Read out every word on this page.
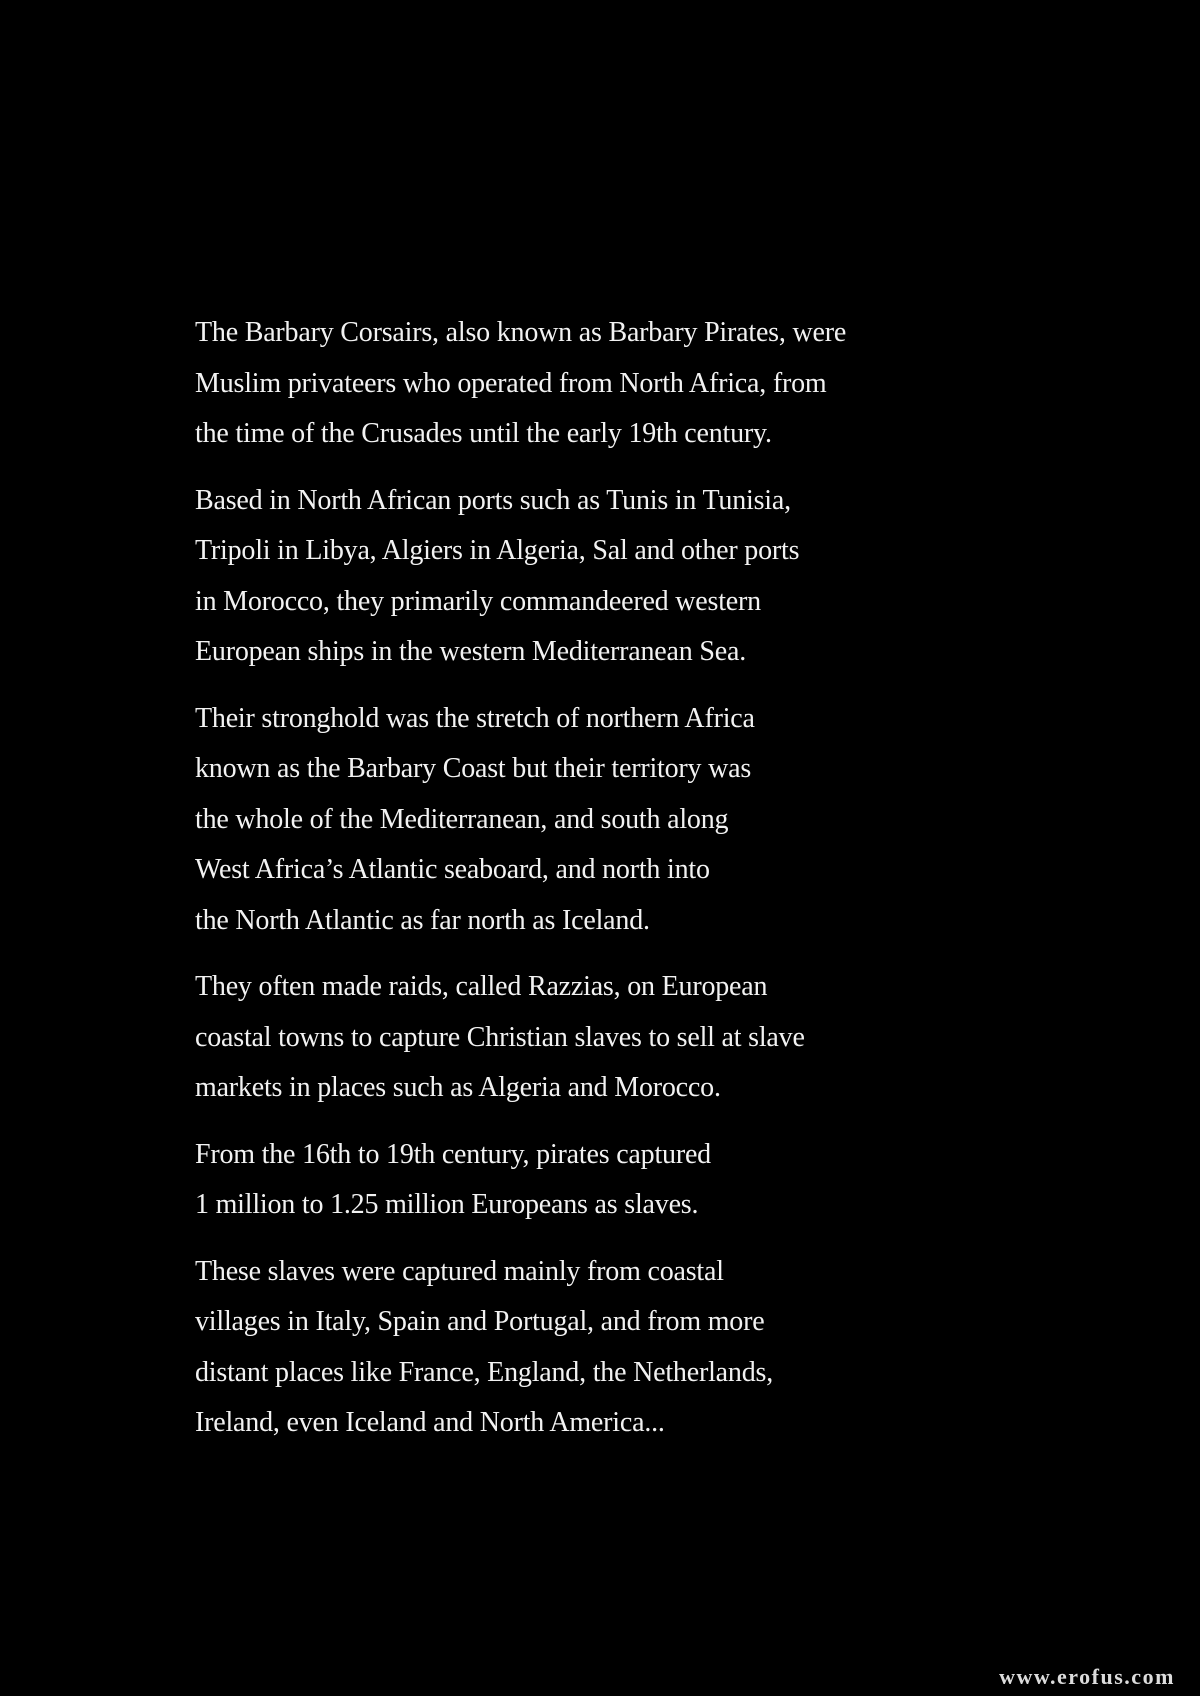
The Barbary Corsairs, also known as Barbary Pirates, were
Muslim privateers who operated from North Africa, from
the time of the Crusades until the early 19th century.

Based in North African ports such as Tunis in Tunisia,
Tripoli in Libya, Algiers in Algeria, Sal and other ports
in Morocco, they primarily commandeered western
European ships in the western Mediterranean Sea.

Their stronghold was the stretch of northern Africa
known as the Barbary Coast but their territory was
the whole of the Mediterranean, and south along
West Africa’s Atlantic seaboard, and north into
the North Atlantic as far north as Iceland.

They often made raids, called Razzias, on European
coastal towns to capture Christian slaves to sell at slave
markets in places such as Algeria and Morocco.

From the 16th to 19th century, pirates captured
1 million to 1.25 million Europeans as slaves.

These slaves were captured mainly from coastal
villages in Italy, Spain and Portugal, and from more
distant places like France, England, the Netherlands,
Ireland, even Iceland and North America...

www.erofus.com
